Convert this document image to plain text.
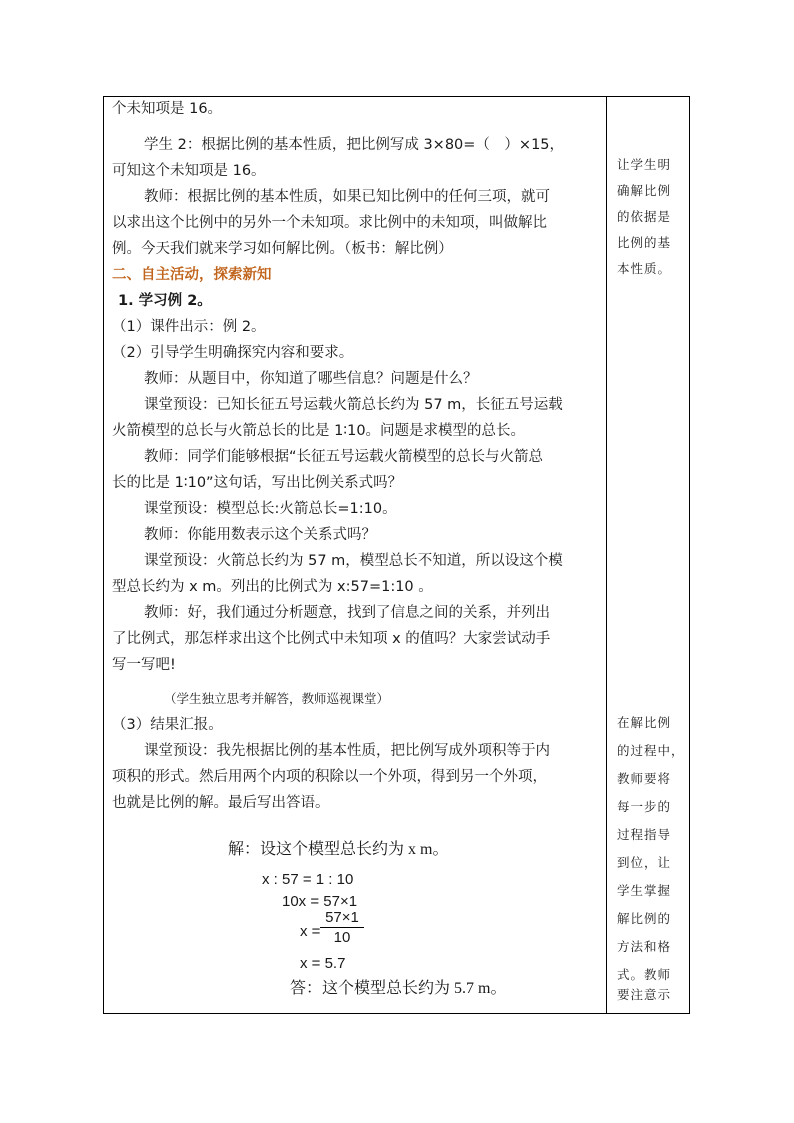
个未知项是 16。
学生 2：根据比例的基本性质，把比例写成 3×80=（　）×15，
可知这个未知项是 16。
教师：根据比例的基本性质，如果已知比例中的任何三项，就可
以求出这个比例中的另外一个未知项。求比例中的未知项，叫做解比
例。今天我们就来学习如何解比例。（板书：解比例）
二、自主活动，探索新知
1. 学习例 2。
（1）课件出示：例 2。
（2）引导学生明确探究内容和要求。
教师：从题目中，你知道了哪些信息？问题是什么？
课堂预设：已知长征五号运载火箭总长约为 57 m，长征五号运载
火箭模型的总长与火箭总长的比是 1∶10。问题是求模型的总长。
教师：同学们能够根据“长征五号运载火箭模型的总长与火箭总
长的比是 1∶10”这句话，写出比例关系式吗？
课堂预设：模型总长:火箭总长=1:10。
教师：你能用数表示这个关系式吗？
课堂预设：火箭总长约为 57 m，模型总长不知道，所以设这个模
型总长约为 x m。列出的比例式为 x:57=1:10 。
教师：好，我们通过分析题意，找到了信息之间的关系，并列出
了比例式，那怎样求出这个比例式中未知项 x 的值吗？大家尝试动手
写一写吧!
（学生独立思考并解答，教师巡视课堂）
（3）结果汇报。
课堂预设：我先根据比例的基本性质，把比例写成外项积等于内
项积的形式。然后用两个内项的积除以一个外项，得到另一个外项，
也就是比例的解。最后写出答语。
解：设这个模型总长约为 x m。
x : 57 = 1 : 10
10x = 57×1
x =
57×1
10
x = 5.7
答：这个模型总长约为 5.7 m。
让学生明
确解比例
的依据是
比例的基
本性质。
在解比例
的过程中，
教师要将
每一步的
过程指导
到位，让
学生掌握
解比例的
方法和格
式。教师
要注意示
